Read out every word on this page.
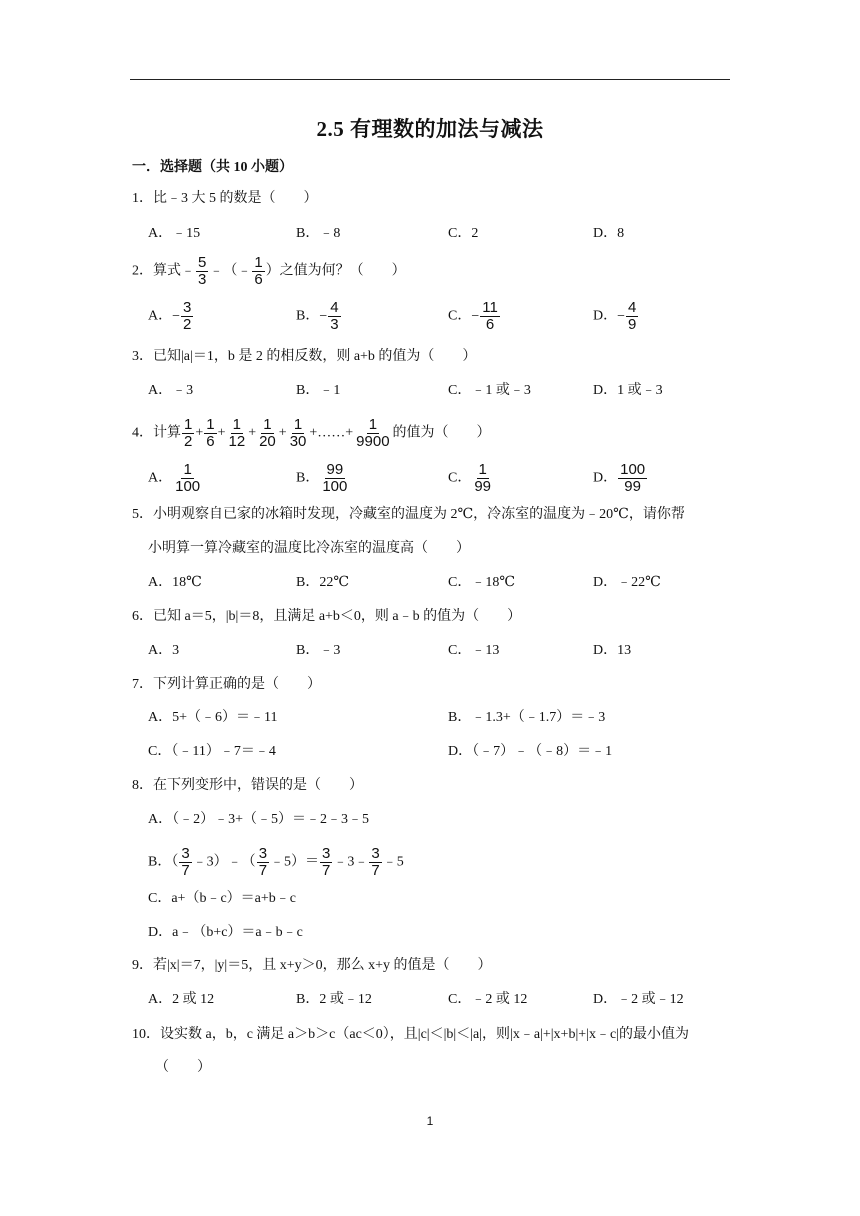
2.5 有理数的加法与减法
一．选择题（共 10 小题）
1．比﹣3 大 5 的数是（　　）
A．﹣15	B．﹣8	C．2	D．8
2．算式﹣ $\frac{5}{3}$ ﹣（﹣ $\frac{1}{6}$ ）之值为何？（　　）
A．− $\frac{3}{2}$	B．− $\frac{4}{3}$	C．− $\frac{11}{6}$	D．− $\frac{4}{9}$
3．已知|a|＝1，b 是 2 的相反数，则 a+b 的值为（　　）
A．﹣3	B．﹣1	C．﹣1 或﹣3	D．1 或﹣3
4．计算 $\frac{1}{2} + \frac{1}{6} + \frac{1}{12} + \frac{1}{20} + \frac{1}{30}$ +……+ $\frac{1}{9900}$ 的值为（　　）
A． $\frac{1}{100}$	B． $\frac{99}{100}$	C． $\frac{1}{99}$	D． $\frac{100}{99}$
5．小明观察自已家的冰箱时发现，冷藏室的温度为 2℃，冷冻室的温度为﹣20℃，请你帮
小明算一算冷藏室的温度比冷冻室的温度高（　　）
A．18℃	B．22℃	C．﹣18℃	D．﹣22℃
6．已知 a＝5，|b|＝8，且满足 a+b＜0，则 a﹣b 的值为（　　）
A．3	B．﹣3	C．﹣13	D．13
7．下列计算正确的是（　　）
A．5+（﹣6）＝﹣11	B．﹣1.3+（﹣1.7）＝﹣3
C．（﹣11）﹣7＝﹣4	D．（﹣7）﹣（﹣8）＝﹣1
8．在下列变形中，错误的是（　　）
A．（﹣2）﹣3+（﹣5）＝﹣2﹣3﹣5
B．（ $\frac{3}{7}$ ﹣3）﹣（ $\frac{3}{7}$ ﹣5）＝ $\frac{3}{7}$ ﹣3﹣ $\frac{3}{7}$ ﹣5
C．a+（b﹣c）＝a+b﹣c
D．a﹣（b+c）＝a﹣b﹣c
9．若|x|＝7，|y|＝5，且 x+y＞0，那么 x+y 的值是（　　）
A．2 或 12	B．2 或﹣12	C．﹣2 或 12	D．﹣2 或﹣12
10．设实数 a，b，c 满足 a＞b＞c（ac＜0），且|c|＜|b|＜|a|，则|x﹣a|+|x+b|+|x﹣c|的最小值为
（　　）
1
